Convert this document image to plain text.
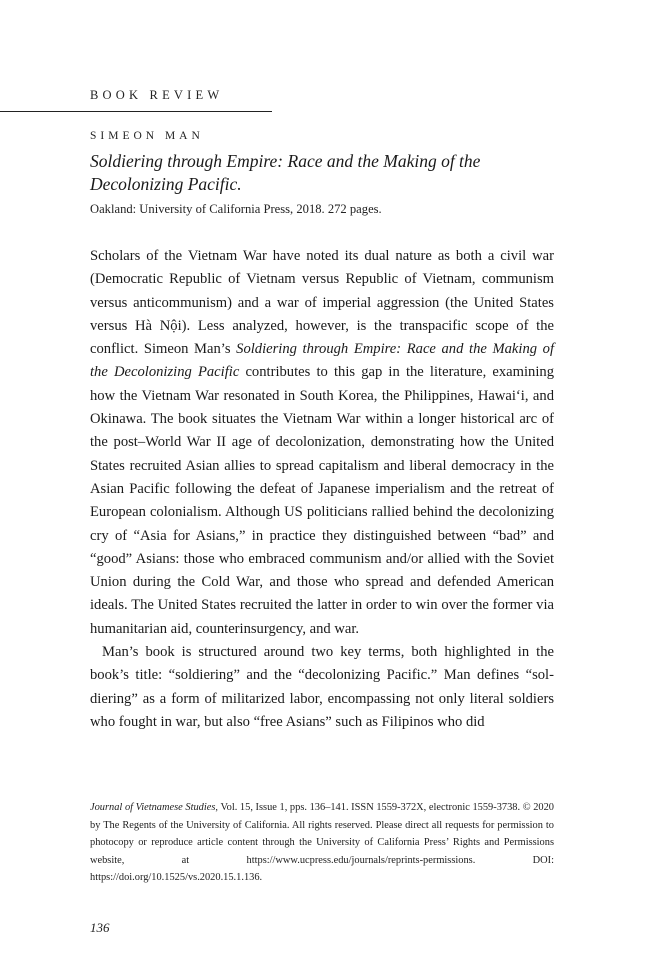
BOOK REVIEW
SIMEON MAN
Soldiering through Empire: Race and the Making of the Decolonizing Pacific.
Oakland: University of California Press, 2018. 272 pages.

Scholars of the Vietnam War have noted its dual nature as both a civil war (Democratic Republic of Vietnam versus Republic of Vietnam, communism versus anticommunism) and a war of imperial aggression (the United States versus Hà Nội). Less analyzed, however, is the transpacific scope of the conflict. Simeon Man’s Soldiering through Empire: Race and the Making of the Decolonizing Pacific contributes to this gap in the literature, examining how the Vietnam War resonated in South Korea, the Philippines, Hawai‘i, and Okinawa. The book situates the Vietnam War within a longer historical arc of the post–World War II age of decolonization, demonstrating how the United States recruited Asian allies to spread capitalism and liberal democracy in the Asian Pacific following the defeat of Japanese imperialism and the retreat of European colonialism. Although US politicians rallied behind the decolonizing cry of “Asia for Asians,” in practice they distinguished between “bad” and “good” Asians: those who embraced communism and/or allied with the Soviet Union during the Cold War, and those who spread and defended American ideals. The United States recruited the latter in order to win over the former via humanitarian aid, counterinsurgency, and war.

Man’s book is structured around two key terms, both highlighted in the book’s title: “soldiering” and the “decolonizing Pacific.” Man defines “soldiering” as a form of militarized labor, encompassing not only literal soldiers who fought in war, but also “free Asians” such as Filipinos who did

Journal of Vietnamese Studies, Vol. 15, Issue 1, pps. 136–141. ISSN 1559-372X, electronic 1559-3738. © 2020 by The Regents of the University of California. All rights reserved. Please direct all requests for permission to photocopy or reproduce article content through the University of California Press’ Rights and Permissions website, at https://www.ucpress.edu/journals/reprints-permissions. DOI: https://doi.org/10.1525/vs.2020.15.1.136.

136
